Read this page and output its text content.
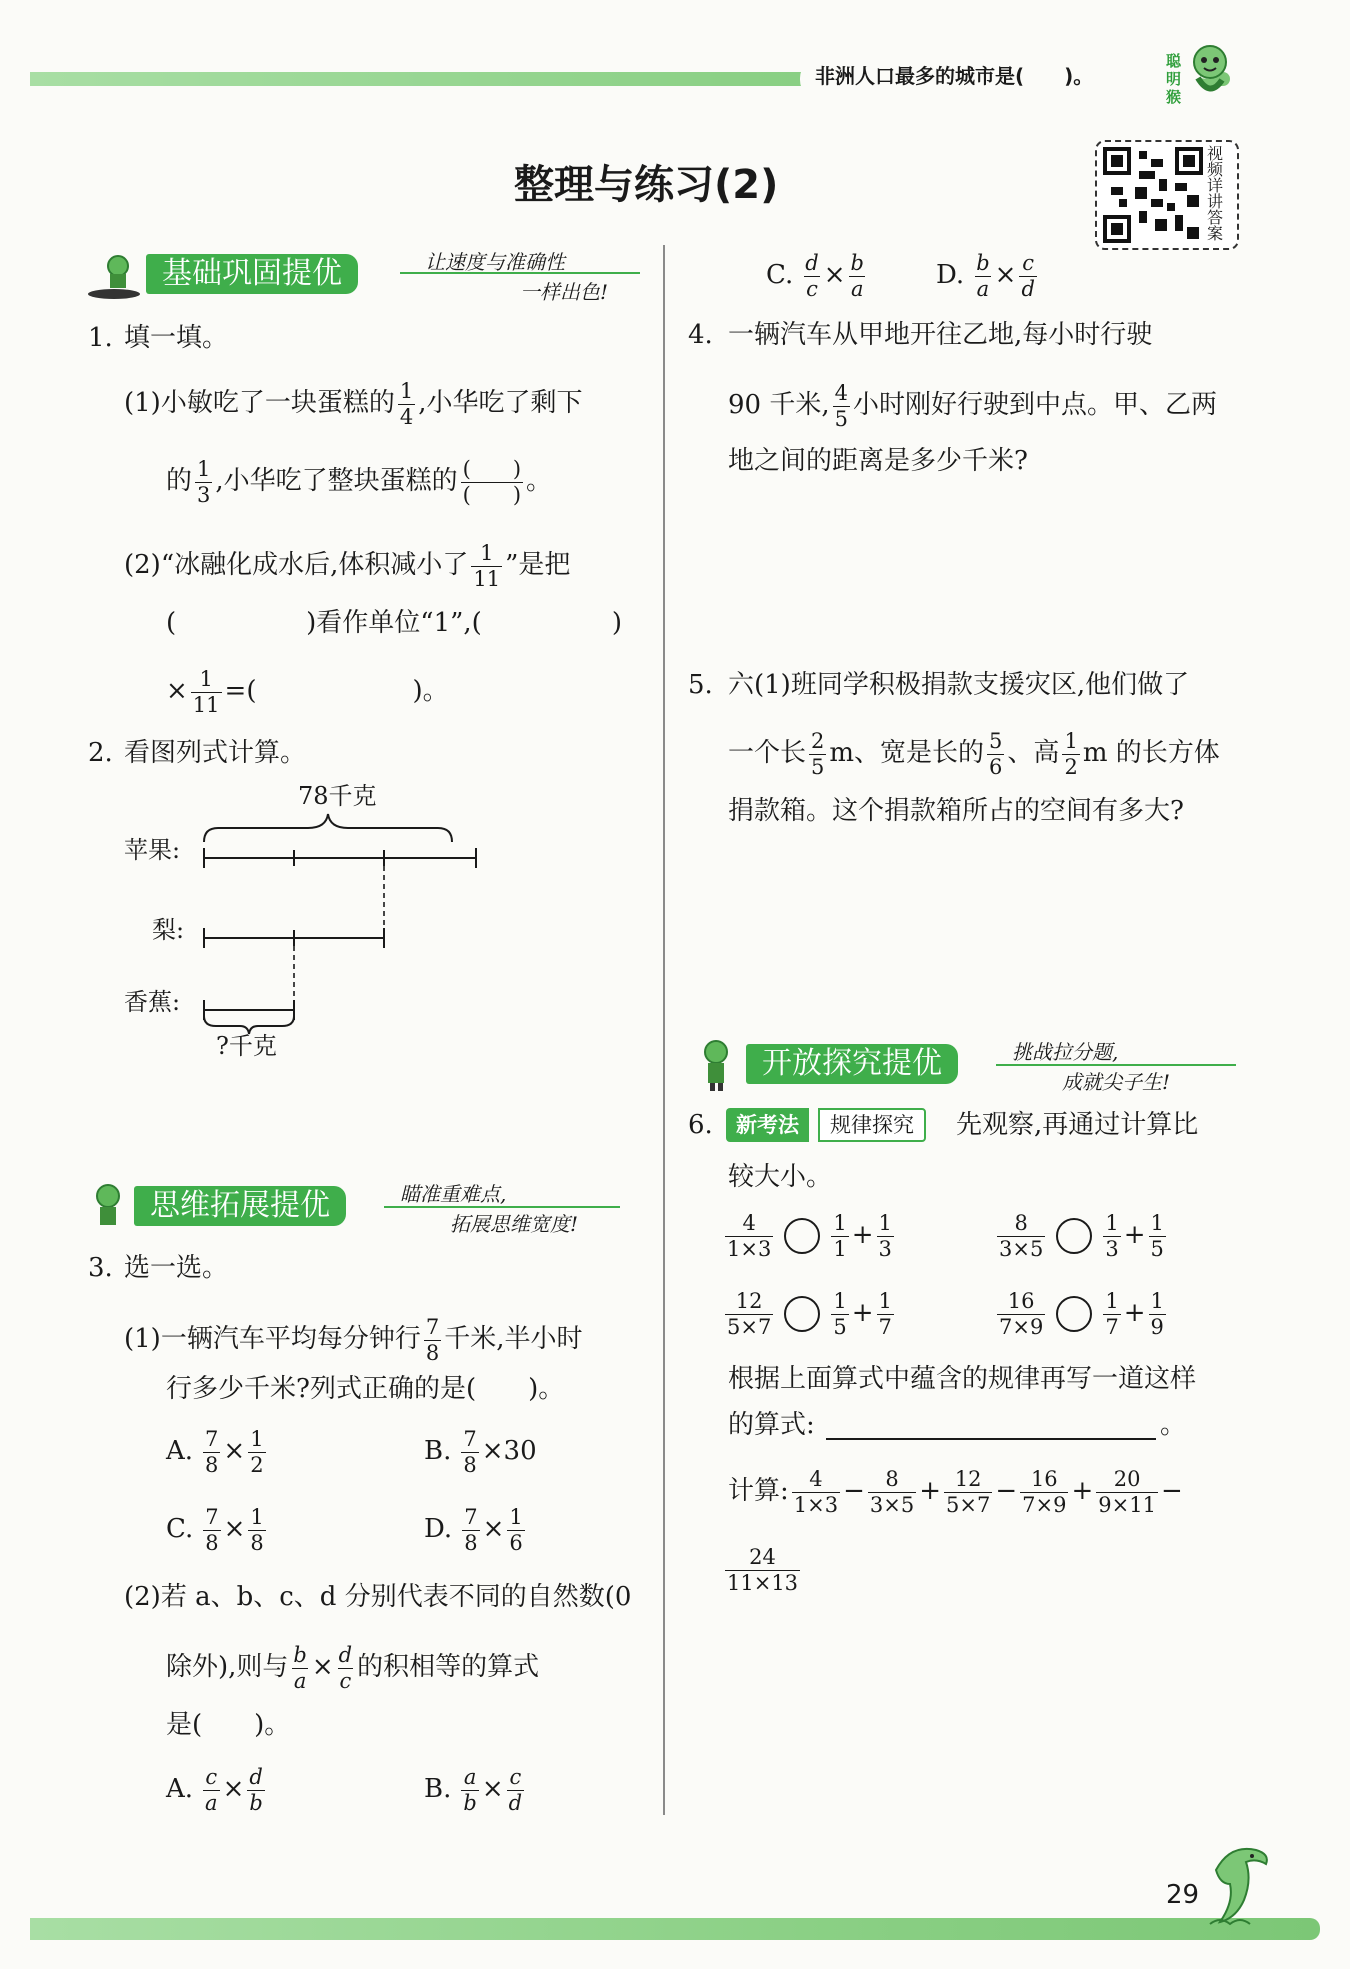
非洲人口最多的城市是(　　)。
聪明猴
整理与练习(2)
视频详讲答案
基础巩固提优	让速度与准确性
一样出色!
1. 填一填。
(1)小敏吃了一块蛋糕的 $\frac{1}{4}$ ,小华吃了剩下
的 $\frac{1}{3}$ ,小华吃了整块蛋糕的 $\frac{( )}{( )}$ 。
(2)“冰融化成水后,体积减小了 $\frac{1}{11}$ ”是把
(　　　　　)看作单位“1”,(　　　　　)
× $\frac{1}{11}$ =(　　　　　　)。
2. 看图列式计算。
78千克
苹果:
梨:
香蕉:
?千克
思维拓展提优	瞄准重难点,
拓展思维宽度!
3. 选一选。
(1)一辆汽车平均每分钟行 $\frac{7}{8}$ 千米,半小时
行多少千米?列式正确的是(　　)。
A. $\frac{7}{8} \times \frac{1}{2}$	B. $\frac{7}{8} \times 30$
C. $\frac{7}{8} \times \frac{1}{8}$	D. $\frac{7}{8} \times \frac{1}{6}$
(2)若 a、b、c、d 分别代表不同的自然数(0
除外),则与 $\frac{b}{a} \times \frac{d}{c}$ 的积相等的算式
是(　　)。
A. $\frac{c}{a} \times \frac{d}{b}$	B. $\frac{a}{b} \times \frac{c}{d}$
C. $\frac{d}{c} \times \frac{b}{a}$	D. $\frac{b}{a} \times \frac{c}{d}$
4. 一辆汽车从甲地开往乙地,每小时行驶
90 千米, $\frac{4}{5}$ 小时刚好行驶到中点。甲、乙两
地之间的距离是多少千米?
5. 六(1)班同学积极捐款支援灾区,他们做了
一个长 $\frac{2}{5}$ m、宽是长的 $\frac{5}{6}$ 、高 $\frac{1}{2}$ m 的长方体
捐款箱。这个捐款箱所占的空间有多大?
开放探究提优	挑战拉分题,
成就尖子生!
6.	新考法	规律探究	先观察,再通过计算比
较大小。
$\frac{4}{1\times 3}$	$\frac{1}{1} + \frac{1}{3}$	$\frac{8}{3\times 5}$	$\frac{1}{3} + \frac{1}{5}$
$\frac{12}{5\times 7}$	$\frac{1}{5} + \frac{1}{7}$	$\frac{16}{7\times 9}$	$\frac{1}{7} + \frac{1}{9}$
根据上面算式中蕴含的规律再写一道这样
的算式:	。
计算: $\frac{4}{1\times 3} - \frac{8}{3\times 5} + \frac{12}{5\times 7} - \frac{16}{7\times 9} + \frac{20}{9\times 11}$ −
$\frac{24}{11\times 13}$
29
